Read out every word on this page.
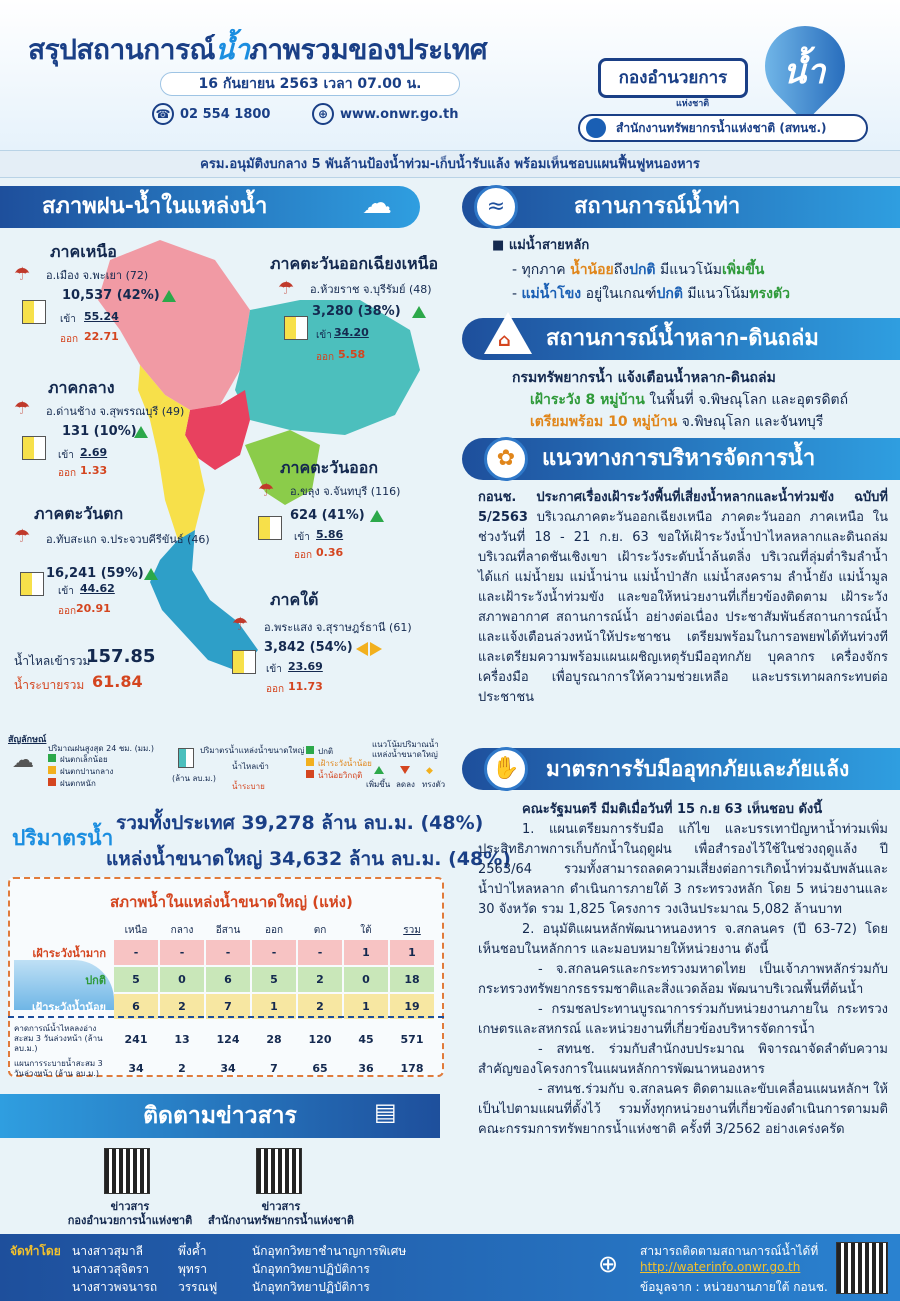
สรุปสถานการณ์น้ำภาพรวมของประเทศ
16 กันยายน 2563 เวลา 07.00 น.
☎ 02 554 1800	⊕ www.onwr.go.th
น้ำ
กองอำนวยการ
แห่งชาติ
สำนักงานทรัพยากรน้ำแห่งชาติ (สทนช.)
ครม.อนุมัติงบกลาง 5 พันล้านป้องน้ำท่วม-เก็บน้ำรับแล้ง พร้อมเห็นชอบแผนฟื้นฟูหนองหาร
สภาพฝน-น้ำในแหล่งน้ำ	☁
ภาคเหนือ
☂ อ.เมือง จ.พะเยา (72)
10,537 (42%)
เข้า 55.24
ออก 22.71
ภาคตะวันออกเฉียงเหนือ
☂ อ.ห้วยราช จ.บุรีรัมย์ (48)
3,280 (38%)
เข้า 34.20
ออก 5.58
ภาคกลาง
☂ อ.ด่านช้าง จ.สุพรรณบุรี (49)
131 (10%)
เข้า 2.69
ออก 1.33	ภาคตะวันออก
☂ อ.ขลุง จ.จันทบุรี (116)
624 (41%)
เข้า 5.86
ออก 0.36
ภาคตะวันตก
☂ อ.ทับสะแก จ.ประจวบคีรีขันธ์ (46)
16,241 (59%)
เข้า 44.62
ออก 20.91	ภาคใต้
☂ อ.พระแสง จ.สุราษฎร์ธานี (61)
3,842 (54%)
เข้า 23.69
ออก 11.73
น้ำไหลเข้ารวม
157.85
น้ำระบายรวม 61.84
สัญลักษณ์
☁ ปริมาณฝนสูงสุด 24 ชม. (มม.)
ฝนตกเล็กน้อย
ฝนตกปานกลาง
ฝนตกหนัก
ปริมาตรน้ำแหล่งน้ำขนาดใหญ่
(ล้าน ลบ.ม.)
น้ำไหลเข้า
น้ำระบาย
ปกติ
เฝ้าระวังน้ำน้อย
น้ำน้อยวิกฤติ
แนวโน้มปริมาณน้ำ แหล่งน้ำขนาดใหญ่
◆
เพิ่มขึ้น ลดลง ทรงตัว
ปริมาตรน้ำ
รวมทั้งประเทศ 39,278 ล้าน ลบ.ม. (48%)
แหล่งน้ำขนาดใหญ่ 34,632 ล้าน ลบ.ม. (48%)
สภาพน้ำในแหล่งน้ำขนาดใหญ่ (แห่ง)
	เหนือ	กลาง	อีสาน	ออก	ตก	ใต้	รวม
เฝ้าระวังน้ำมาก	-	-	-	-	-	1	1
ปกติ	5	0	6	5	2	0	18
เฝ้าระวังน้ำน้อย	6	2	7	1	2	1	19
คาดการณ์น้ำไหลลงอ่างสะสม 3 วันล่วงหน้า (ล้าน ลบ.ม.)	241	13	124	28	120	45	571
แผนการระบายน้ำสะสม 3 วันล่วงหน้า (ล้าน ลบ.ม.)	34	2	34	7	65	36	178
ติดตามข่าวสาร	▤
ข่าวสาร
กองอำนวยการน้ำแห่งชาติ
ข่าวสาร
สำนักงานทรัพยากรน้ำแห่งชาติ
≈	สถานการณ์น้ำท่า
■ แม่น้ำสายหลัก
- ทุกภาค น้ำน้อยถึงปกติ มีแนวโน้มเพิ่มขึ้น
- แม่น้ำโขง อยู่ในเกณฑ์ปกติ มีแนวโน้มทรงตัว
⌂ สถานการณ์น้ำหลาก-ดินถล่ม
กรมทรัพยากรน้ำ แจ้งเตือนน้ำหลาก-ดินถล่ม
เฝ้าระวัง 8 หมู่บ้าน ในพื้นที่ จ.พิษณุโลก และอุตรดิตถ์
เตรียมพร้อม 10 หมู่บ้าน จ.พิษณุโลก และจันทบุรี
✿	แนวทางการบริหารจัดการน้ำ
กอนช. ประกาศเรื่องเฝ้าระวังพื้นที่เสี่ยงน้ำหลากและน้ำท่วมขัง ฉบับที่ 5/2563 บริเวณภาคตะวันออกเฉียงเหนือ ภาคตะวันออก ภาคเหนือ ในช่วงวันที่ 18 - 21 ก.ย. 63 ขอให้เฝ้าระวังน้ำป่าไหลหลากและดินถล่ม บริเวณที่ลาดชันเชิงเขา เฝ้าระวังระดับน้ำล้นตลิ่ง บริเวณที่ลุ่มต่ำริมลำน้ำ ได้แก่ แม่น้ำยม แม่น้ำน่าน แม่น้ำป่าสัก แม่น้ำสงคราม ลำน้ำยัง แม่น้ำมูล และเฝ้าระวังน้ำท่วมขัง และขอให้หน่วยงานที่เกี่ยวข้องติดตาม เฝ้าระวัง สภาพอากาศ สถานการณ์น้ำ อย่างต่อเนื่อง ประชาสัมพันธ์สถานการณ์น้ำและแจ้งเตือนล่วงหน้าให้ประชาชน เตรียมพร้อมในการอพยพได้ทันท่วงที และเตรียมความพร้อมแผนเผชิญเหตุรับมืออุทกภัย บุคลากร เครื่องจักรเครื่องมือ เพื่อบูรณาการให้ความช่วยเหลือ และบรรเทาผลกระทบต่อประชาชน
✋	มาตรการรับมืออุทกภัยและภัยแล้ง
คณะรัฐมนตรี มีมติเมื่อวันที่ 15 ก.ย 63 เห็นชอบ ดังนี้
1. แผนเตรียมการรับมือ แก้ไข และบรรเทาปัญหาน้ำท่วมเพิ่มประสิทธิภาพการเก็บกักน้ำในฤดูฝน เพื่อสำรองไว้ใช้ในช่วงฤดูแล้ง ปี 2563/64 รวมทั้งสามารถลดความเสี่ยงต่อการเกิดน้ำท่วมฉับพลันและน้ำป่าไหลหลาก ดำเนินการภายใต้ 3 กระทรวงหลัก โดย 5 หน่วยงานและ 30 จังหวัด รวม 1,825 โครงการ วงเงินประมาณ 5,082 ล้านบาท
2. อนุมัติแผนหลักพัฒนาหนองหาร จ.สกลนคร (ปี 63-72) โดยเห็นชอบในหลักการ และมอบหมายให้หน่วยงาน ดังนี้
- จ.สกลนครและกระทรวงมหาดไทย เป็นเจ้าภาพหลักร่วมกับกระทรวงทรัพยากรธรรมชาติและสิ่งแวดล้อม พัฒนาบริเวณพื้นที่ต้นน้ำ
- กรมชลประทานบูรณาการร่วมกับหน่วยงานภายใน กระทรวงเกษตรและสหกรณ์ และหน่วยงานที่เกี่ยวข้องบริหารจัดการน้ำ
- สทนช. ร่วมกับสำนักงบประมาณ พิจารณาจัดลำดับความสำคัญของโครงการในแผนหลักการพัฒนาหนองหาร
- สทนช.ร่วมกับ จ.สกลนคร ติดตามและขับเคลื่อนแผนหลักฯ ให้เป็นไปตามแผนที่ตั้งไว้ รวมทั้งทุกหน่วยงานที่เกี่ยวข้องดำเนินการตามมติคณะกรรมการทรัพยากรน้ำแห่งชาติ ครั้งที่ 3/2562 อย่างเคร่งครัด
จัดทำโดย นางสาวสุมาลี	พึ่งค้ำ	นักอุทกวิทยาชำนาญการพิเศษ
นางสาวสุจิตรา พุทรา	นักอุทกวิทยาปฏิบัติการ
นางสาวพจนารถ วรรณฟู	นักอุทกวิทยาปฏิบัติการ
⊕ สามารถติดตามสถานการณ์น้ำได้ที่
http://waterinfo.onwr.go.th
ข้อมูลจาก : หน่วยงานภายใต้ กอนช.
